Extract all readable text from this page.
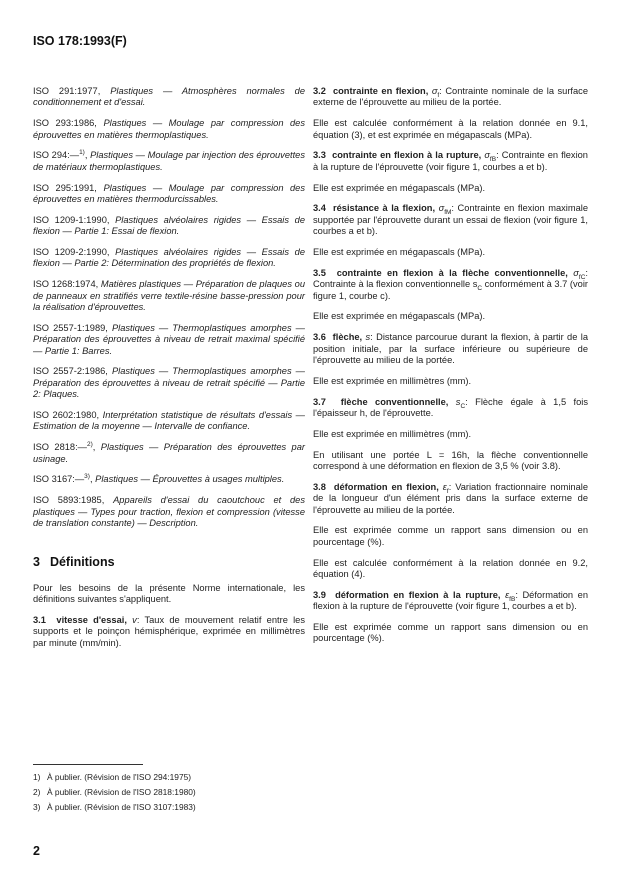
ISO 178:1993(F)

ISO 291:1977, Plastiques — Atmosphères normales de conditionnement et d'essai.

ISO 293:1986, Plastiques — Moulage par compression des éprouvettes en matières thermoplastiques.

ISO 294:—$^{1)}$, Plastiques — Moulage par injection des éprouvettes de matériaux thermoplastiques.

ISO 295:1991, Plastiques — Moulage par compression des éprouvettes en matières thermodurcissables.

ISO 1209-1:1990, Plastiques alvéolaires rigides — Essais de flexion — Partie 1: Essai de flexion.

ISO 1209-2:1990, Plastiques alvéolaires rigides — Essais de flexion — Partie 2: Détermination des propriétés de flexion.

ISO 1268:1974, Matières plastiques — Préparation de plaques ou de panneaux en stratifiés verre textile-résine basse-pression pour la réalisation d'éprouvettes.

ISO 2557-1:1989, Plastiques — Thermoplastiques amorphes — Préparation des éprouvettes à niveau de retrait maximal spécifié — Partie 1: Barres.

ISO 2557-2:1986, Plastiques — Thermoplastiques amorphes — Préparation des éprouvettes à niveau de retrait spécifié — Partie 2: Plaques.

ISO 2602:1980, Interprétation statistique de résultats d'essais — Estimation de la moyenne — Intervalle de confiance.

ISO 2818:—$^{2)}$, Plastiques — Préparation des éprouvettes par usinage.

ISO 3167:—$^{3)}$, Plastiques — Éprouvettes à usages multiples.

ISO 5893:1985, Appareils d'essai du caoutchouc et des plastiques — Types pour traction, flexion et compression (vitesse de translation constante) — Description.

3 Définitions

Pour les besoins de la présente Norme internationale, les définitions suivantes s'appliquent.

3.1 vitesse d'essai, v: Taux de mouvement relatif entre les supports et le poinçon hémisphérique, exprimée en millimètres par minute (mm/min).

1) À publier. (Révision de l'ISO 294:1975)
2) À publier. (Révision de l'ISO 2818:1980)
3) À publier. (Révision de l'ISO 3107:1983)

3.2 contrainte en flexion, $\sigma_f$: Contrainte nominale de la surface externe de l'éprouvette au milieu de la portée.

Elle est calculée conformément à la relation donnée en 9.1, équation (3), et est exprimée en mégapascals (MPa).

3.3 contrainte en flexion à la rupture, $\sigma_{fB}$: Contrainte en flexion à la rupture de l'éprouvette (voir figure 1, courbes a et b).

Elle est exprimée en mégapascals (MPa).

3.4 résistance à la flexion, $\sigma_{fM}$: Contrainte en flexion maximale supportée par l'éprouvette durant un essai de flexion (voir figure 1, courbes a et b).

Elle est exprimée en mégapascals (MPa).

3.5 contrainte en flexion à la flèche conventionnelle, $\sigma_{fC}$: Contrainte à la flexion conventionnelle $s_C$ conformément à 3.7 (voir figure 1, courbe c).

Elle est exprimée en mégapascals (MPa).

3.6 flèche, s: Distance parcourue durant la flexion, à partir de la position initiale, par la surface inférieure ou supérieure de l'éprouvette au milieu de la portée.

Elle est exprimée en millimètres (mm).

3.7 flèche conventionnelle, $s_C$: Flèche égale à 1,5 fois l'épaisseur h, de l'éprouvette.

Elle est exprimée en millimètres (mm).

En utilisant une portée L = 16h, la flèche conventionnelle correspond à une déformation en flexion de 3,5 % (voir 3.8).

3.8 déformation en flexion, $\varepsilon_f$: Variation fractionnaire nominale de la longueur d'un élément pris dans la surface externe de l'éprouvette au milieu de la portée.

Elle est exprimée comme un rapport sans dimension ou en pourcentage (%).

Elle est calculée conformément à la relation donnée en 9.2, équation (4).

3.9 déformation en flexion à la rupture, $\varepsilon_{fB}$: Déformation en flexion à la rupture de l'éprouvette (voir figure 1, courbes a et b).

Elle est exprimée comme un rapport sans dimension ou en pourcentage (%).

2
